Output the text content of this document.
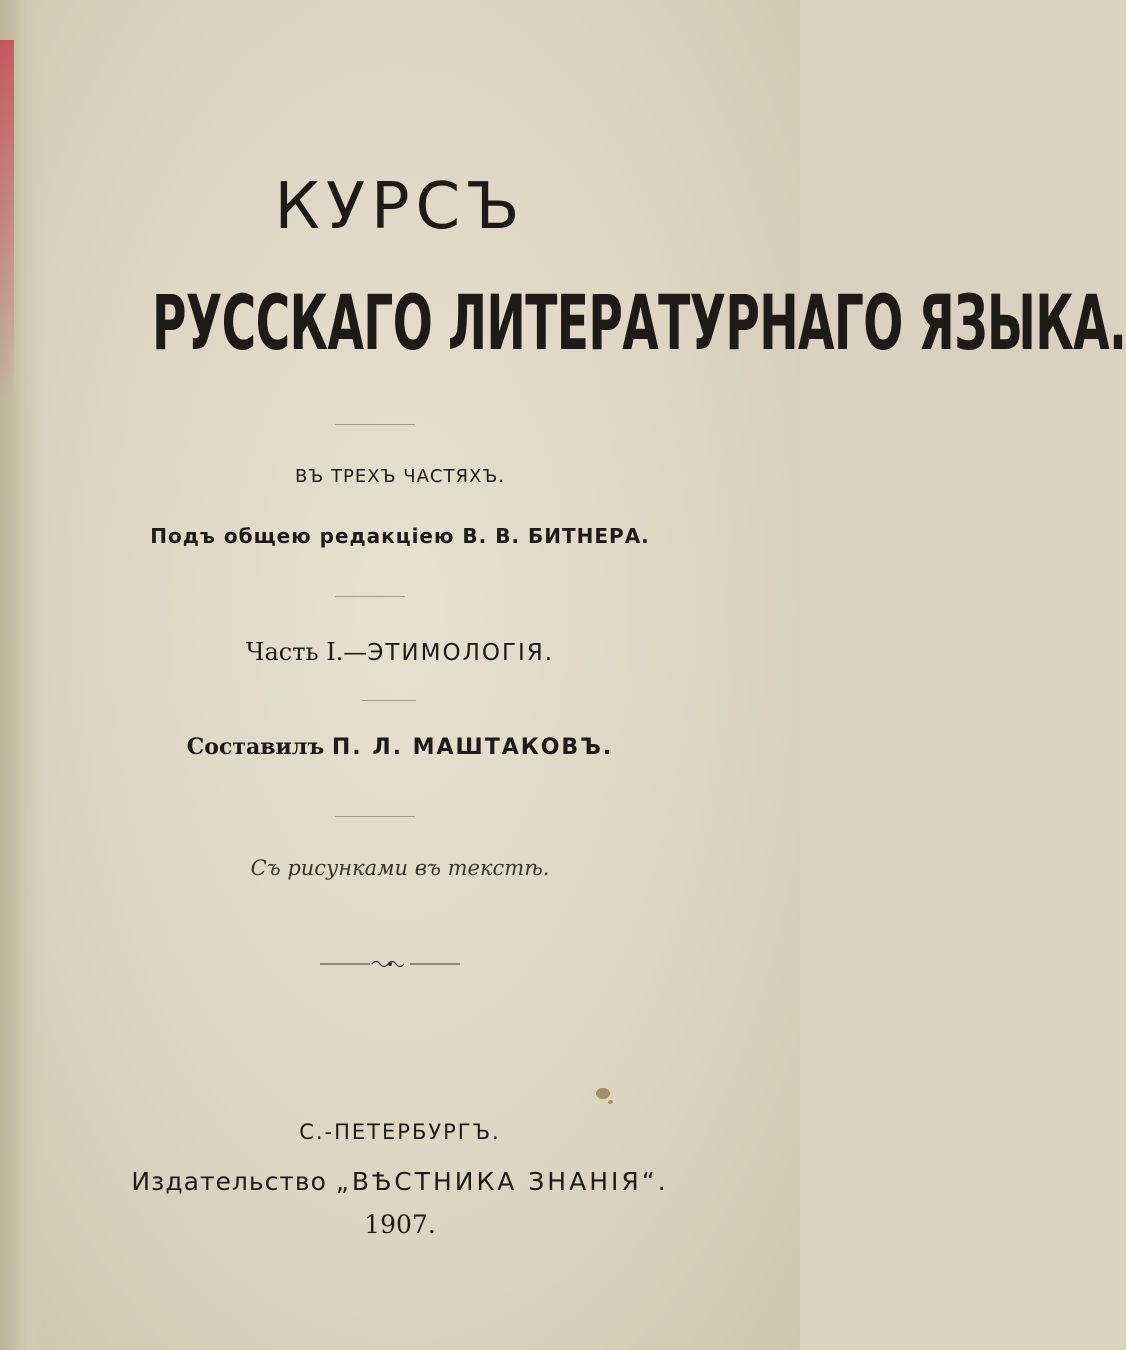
КУРСЪ
РУССКАГО ЛИТЕРАТУРНАГО ЯЗЫКА.
ВЪ ТРЕХЪ ЧАСТЯХЪ.
Подъ общею редакціею В. В. БИТНЕРА.
Часть I.—ЭТИМОЛОГІЯ.
Составилъ П. Л. МАШТАКОВЪ.
Съ рисунками въ текстѣ.
С.-ПЕТЕРБУРГЪ.
Издательство „ВѢСТНИКА ЗНАНІЯ“.
1907.
